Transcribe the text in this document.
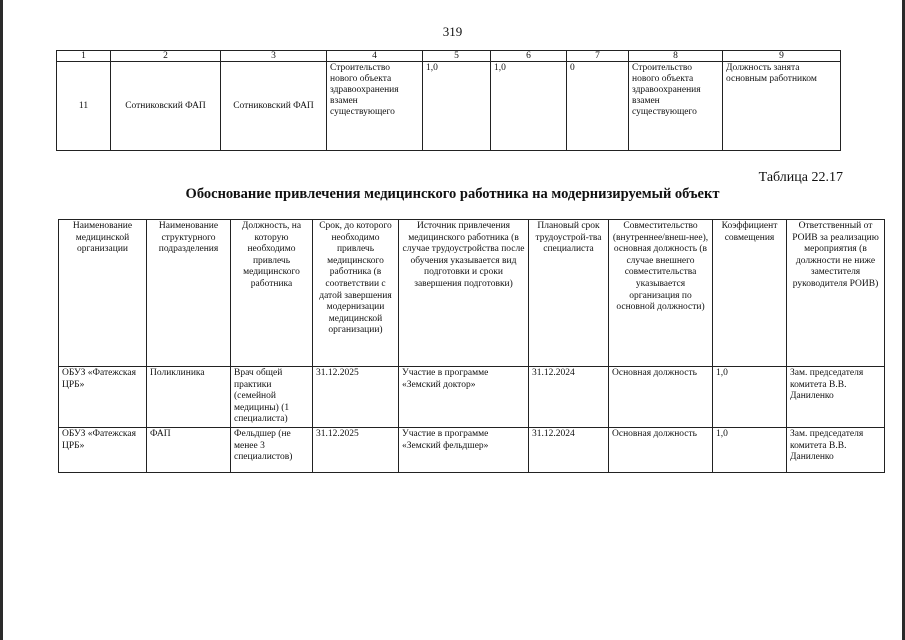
319
1	2	3	4	5	6	7	8	9
11	Сотниковский ФАП	Сотниковский ФАП	Строительство нового объекта здравоохранения взамен существующего	1,0	1,0	0	Строительство нового объекта здравоохранения взамен существующего	Должность занята основным работником
Таблица 22.17
Обоснование привлечения медицинского работника на модернизируемый объект
Наименование медицинской организации	Наименование структурного подразделения	Должность, на которую необходимо привлечь медицинского работника	Срок, до которого необходимо привлечь медицинского работника (в соответствии с датой завершения модернизации медицинской организации)	Источник привлечения медицинского работника (в случае трудоустройства после обучения указывается вид подготовки и сроки завершения подготовки)	Плановый срок трудоустрой-тва специалиста	Совместительство (внутреннее/внеш-нее), основная должность (в случае внешнего совместительства указывается организация по основной должности)	Коэффициент совмещения	Ответственный от РОИВ за реализацию мероприятия (в должности не ниже заместителя руководителя РОИВ)
ОБУЗ «Фатежская ЦРБ»	Поликлиника	Врач общей практики (семейной медицины) (1 специалиста)	31.12.2025	Участие в программе «Земский доктор»	31.12.2024	Основная должность	1,0	Зам. председателя комитета В.В. Даниленко
ОБУЗ «Фатежская ЦРБ»	ФАП	Фельдшер (не менее 3 специалистов)	31.12.2025	Участие в программе «Земский фельдшер»	31.12.2024	Основная должность	1,0	Зам. председателя комитета В.В. Даниленко
